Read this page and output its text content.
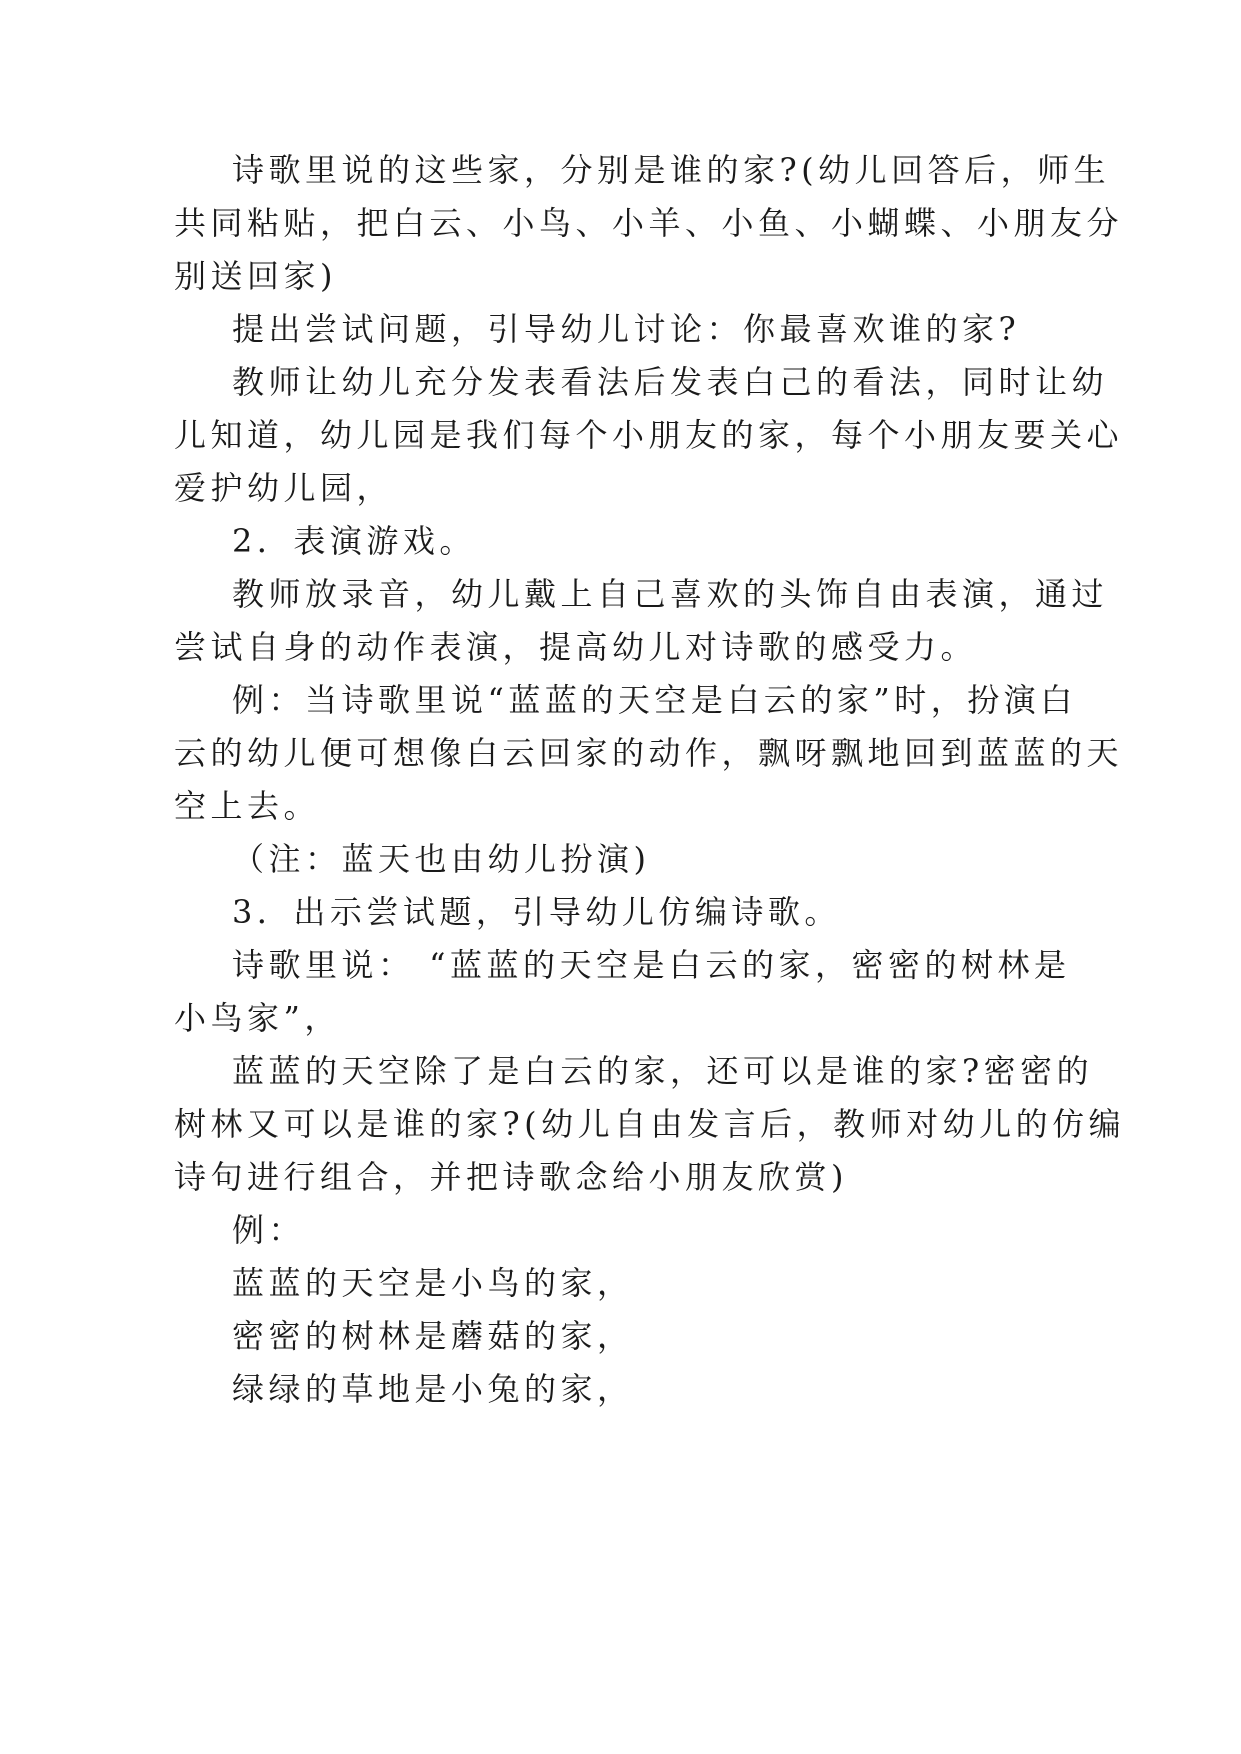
诗歌里说的这些家，分别是谁的家?(幼儿回答后，师生
共同粘贴，把白云、小鸟、小羊、小鱼、小蝴蝶、小朋友分
别送回家)
提出尝试问题，引导幼儿讨论：你最喜欢谁的家?
教师让幼儿充分发表看法后发表白己的看法，同时让幼
儿知道，幼儿园是我们每个小朋友的家，每个小朋友要关心
爱护幼儿园，
2．表演游戏。
教师放录音，幼儿戴上自己喜欢的头饰自由表演，通过
尝试自身的动作表演，提高幼儿对诗歌的感受力。
例：当诗歌里说“蓝蓝的天空是白云的家”时，扮演白
云的幼儿便可想像白云回家的动作，飘呀飘地回到蓝蓝的天
空上去。
（注：蓝天也由幼儿扮演)
3．出示尝试题，引导幼儿仿编诗歌。
诗歌里说： “蓝蓝的天空是白云的家，密密的树林是
小鸟家”，
蓝蓝的天空除了是白云的家，还可以是谁的家?密密的
树林又可以是谁的家?(幼儿自由发言后，教师对幼儿的仿编
诗句进行组合，并把诗歌念给小朋友欣赏)
例：
蓝蓝的天空是小鸟的家，
密密的树林是蘑菇的家，
绿绿的草地是小兔的家，
